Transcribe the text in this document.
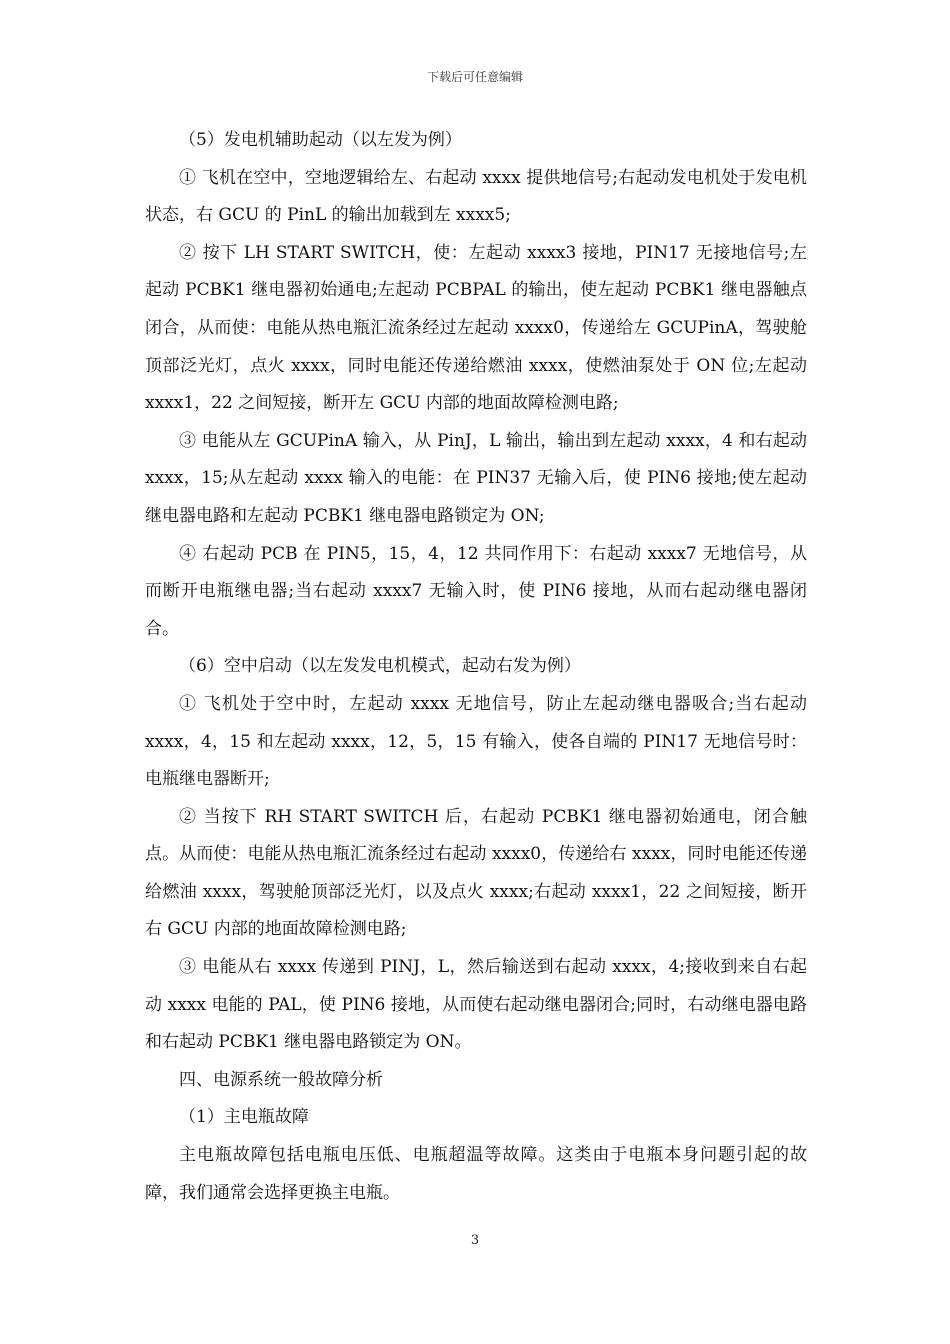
下载后可任意编辑

（5）发电机辅助起动（以左发为例）

① 飞机在空中，空地逻辑给左、右起动 xxxx 提供地信号;右起动发电机处于发电机状态，右 GCU 的 PinL 的输出加载到左 xxxx5;

② 按下 LH START SWITCH，使：左起动 xxxx3 接地，PIN17 无接地信号;左起动 PCBK1 继电器初始通电;左起动 PCBPAL 的输出，使左起动 PCBK1 继电器触点闭合，从而使：电能从热电瓶汇流条经过左起动 xxxx0，传递给左 GCUPinA，驾驶舱顶部泛光灯，点火 xxxx，同时电能还传递给燃油 xxxx，使燃油泵处于 ON 位;左起动 xxxx1，22 之间短接，断开左 GCU 内部的地面故障检测电路;

③ 电能从左 GCUPinA 输入，从 PinJ，L 输出，输出到左起动 xxxx，4 和右起动 xxxx，15;从左起动 xxxx 输入的电能：在 PIN37 无输入后，使 PIN6 接地;使左起动继电器电路和左起动 PCBK1 继电器电路锁定为 ON;

④ 右起动 PCB 在 PIN5，15，4，12 共同作用下：右起动 xxxx7 无地信号，从而断开电瓶继电器;当右起动 xxxx7 无输入时，使 PIN6 接地，从而右起动继电器闭合。

（6）空中启动（以左发发电机模式，起动右发为例）

① 飞机处于空中时，左起动 xxxx 无地信号，防止左起动继电器吸合;当右起动 xxxx，4，15 和左起动 xxxx，12，5，15 有输入，使各自端的 PIN17 无地信号时：电瓶继电器断开;

② 当按下 RH START SWITCH 后，右起动 PCBK1 继电器初始通电，闭合触点。从而使：电能从热电瓶汇流条经过右起动 xxxx0，传递给右 xxxx，同时电能还传递给燃油 xxxx，驾驶舱顶部泛光灯，以及点火 xxxx;右起动 xxxx1，22 之间短接，断开右 GCU 内部的地面故障检测电路;

③ 电能从右 xxxx 传递到 PINJ，L，然后输送到右起动 xxxx，4;接收到来自右起动 xxxx 电能的 PAL，使 PIN6 接地，从而使右起动继电器闭合;同时，右动继电器电路和右起动 PCBK1 继电器电路锁定为 ON。

四、电源系统一般故障分析

（1）主电瓶故障

主电瓶故障包括电瓶电压低、电瓶超温等故障。这类由于电瓶本身问题引起的故障，我们通常会选择更换主电瓶。

3
